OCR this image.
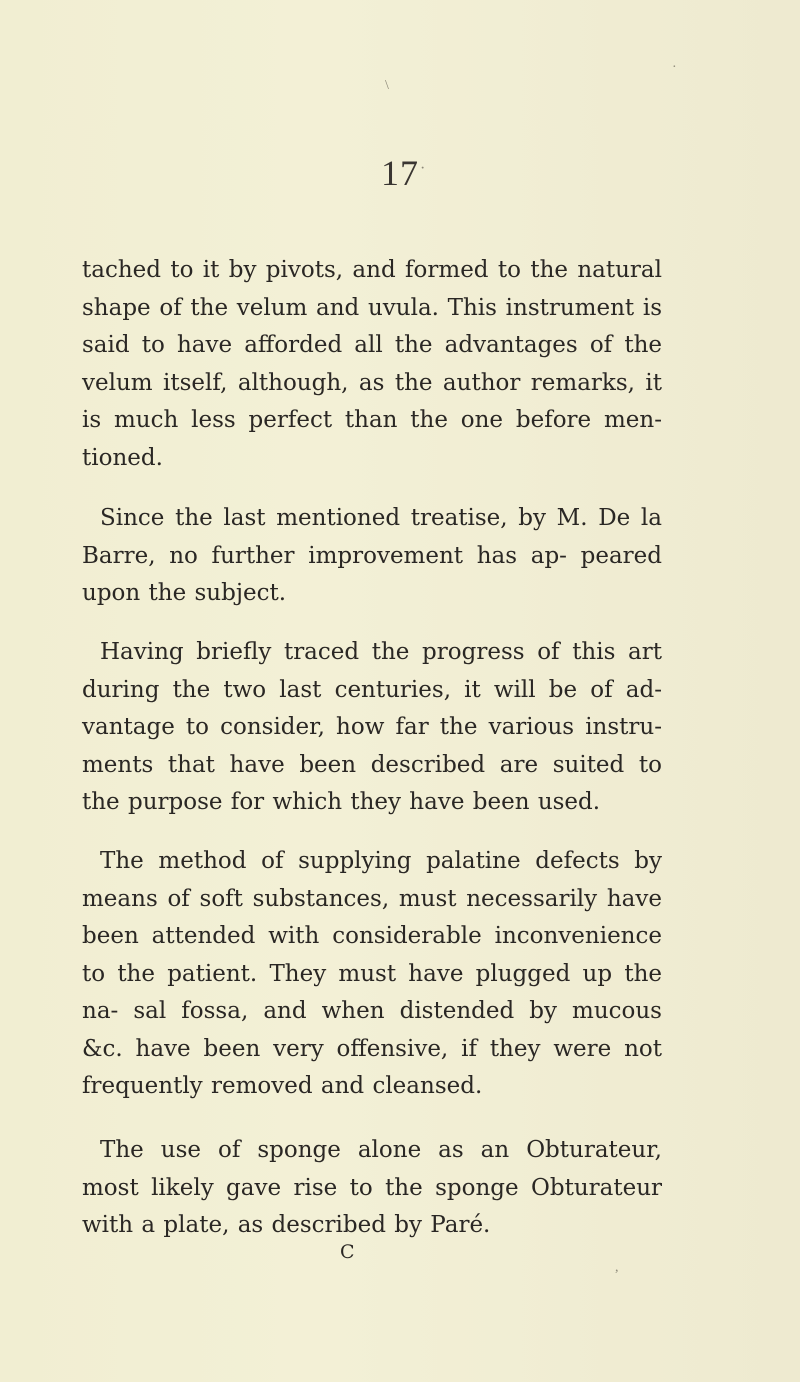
\
·
·
,
17

tached to it by pivots, and formed to the natural shape of the velum and uvula. This instrument is said to have afforded all the advantages of the velum itself, although, as the author remarks, it is much less perfect than the one before men- tioned.

Since the last mentioned treatise, by M. De la Barre, no further improvement has ap- peared upon the subject.

Having briefly traced the progress of this art during the two last centuries, it will be of ad- vantage to consider, how far the various instru- ments that have been described are suited to the purpose for which they have been used.

The method of supplying palatine defects by means of soft substances, must necessarily have been attended with considerable inconvenience to the patient. They must have plugged up the na- sal fossa, and when distended by mucous &c. have been very offensive, if they were not frequently removed and cleansed.

The use of sponge alone as an Obturateur, most likely gave rise to the sponge Obturateur with a plate, as described by Paré.

C
